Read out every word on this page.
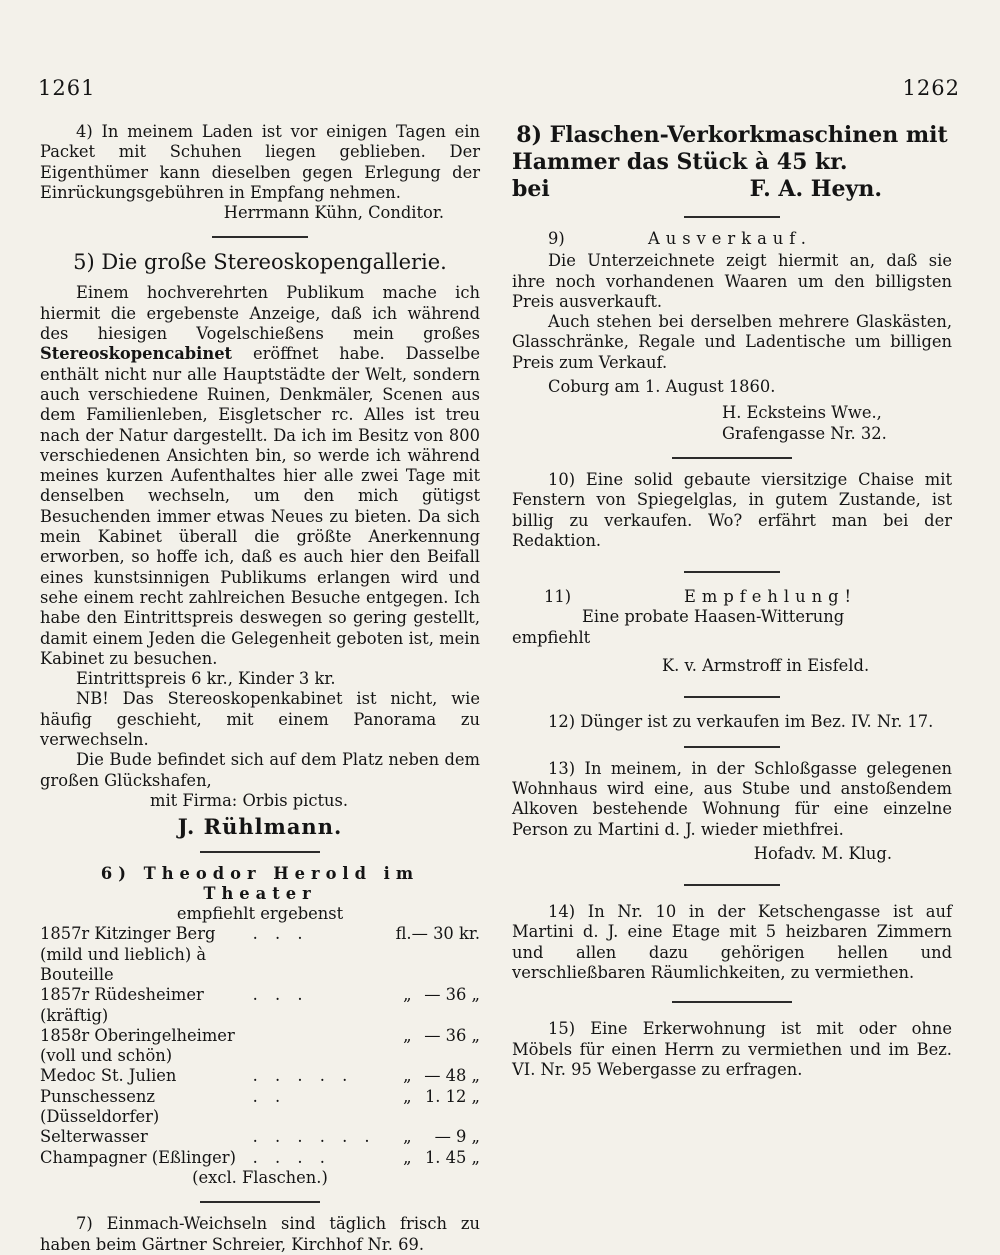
1261	1262

4) In meinem Laden ist vor einigen Tagen ein Packet mit Schuhen liegen geblieben. Der Eigenthümer kann dieselben gegen Erlegung der Einrückungsgebühren in Empfang nehmen.

Herrmann Kühn, Conditor.

5) Die große Stereoskopengallerie.

Einem hochverehrten Publikum mache ich hiermit die ergebenste Anzeige, daß ich während des hiesigen Vogelschießens mein großes Stereoskopencabinet eröffnet habe. Dasselbe enthält nicht nur alle Hauptstädte der Welt, sondern auch verschiedene Ruinen, Denkmäler, Scenen aus dem Familienleben, Eisgletscher rc. Alles ist treu nach der Natur dargestellt. Da ich im Besitz von 800 verschiedenen Ansichten bin, so werde ich während meines kurzen Aufenthaltes hier alle zwei Tage mit denselben wechseln, um den mich gütigst Besuchenden immer etwas Neues zu bieten. Da sich mein Kabinet überall die größte Anerkennung erworben, so hoffe ich, daß es auch hier den Beifall eines kunstsinnigen Publikums erlangen wird und sehe einem recht zahlreichen Besuche entgegen. Ich habe den Eintrittspreis deswegen so gering gestellt, damit einem Jeden die Gelegenheit geboten ist, mein Kabinet zu besuchen.

Eintrittspreis 6 kr., Kinder 3 kr.

NB! Das Stereoskopenkabinet ist nicht, wie häufig geschieht, mit einem Panorama zu verwechseln.

Die Bude befindet sich auf dem Platz neben dem großen Glückshafen,

mit Firma: Orbis pictus.

J. Rühlmann.
6) Theodor Herold im Theater
empfiehlt ergebenst
1857r Kitzinger Berg (mild und lieblich) à Bouteille	. . .	fl.	— 30 kr.
1857r Rüdesheimer (kräftig)	. . .	„	— 36 „
1858r Oberingelheimer (voll und schön)		„	— 36 „
Medoc St. Julien	. . . . .	„	— 48 „
Punschessenz (Düsseldorfer)	. .	„	1. 12 „
Selterwasser	. . . . . .	„	— 9 „
Champagner (Eßlinger)	. . . .	„	1. 45 „
(excl. Flaschen.)

7) Einmach-Weichseln sind täglich frisch zu haben beim Gärtner Schreier, Kirchhof Nr. 69.

8) Flaschen-Verkorkmaschinen mit
Hammer das Stück à 45 kr.
bei	F. A. Heyn.
9)	Ausverkauf.

Die Unterzeichnete zeigt hiermit an, daß sie ihre noch vorhandenen Waaren um den billigsten Preis ausverkauft.

Auch stehen bei derselben mehrere Glaskästen, Glasschränke, Regale und Ladentische um billigen Preis zum Verkauf.

Coburg am 1. August 1860.

H. Ecksteins Wwe.,

Grafengasse Nr. 32.

10) Eine solid gebaute viersitzige Chaise mit Fenstern von Spiegelglas, in gutem Zustande, ist billig zu verkaufen. Wo? erfährt man bei der Redaktion.

11)	Empfehlung!

Eine probate Haasen-Witterung

empfiehlt

K. v. Armstroff in Eisfeld.

12) Dünger ist zu verkaufen im Bez. IV. Nr. 17.

13) In meinem, in der Schloßgasse gelegenen Wohnhaus wird eine, aus Stube und anstoßendem Alkoven bestehende Wohnung für eine einzelne Person zu Martini d. J. wieder miethfrei.

Hofadv. M. Klug.

14) In Nr. 10 in der Ketschengasse ist auf Martini d. J. eine Etage mit 5 heizbaren Zimmern und allen dazu gehörigen hellen und verschließbaren Räumlichkeiten, zu vermiethen.

15) Eine Erkerwohnung ist mit oder ohne Möbels für einen Herrn zu vermiethen und im Bez. VI. Nr. 95 Webergasse zu erfragen.
